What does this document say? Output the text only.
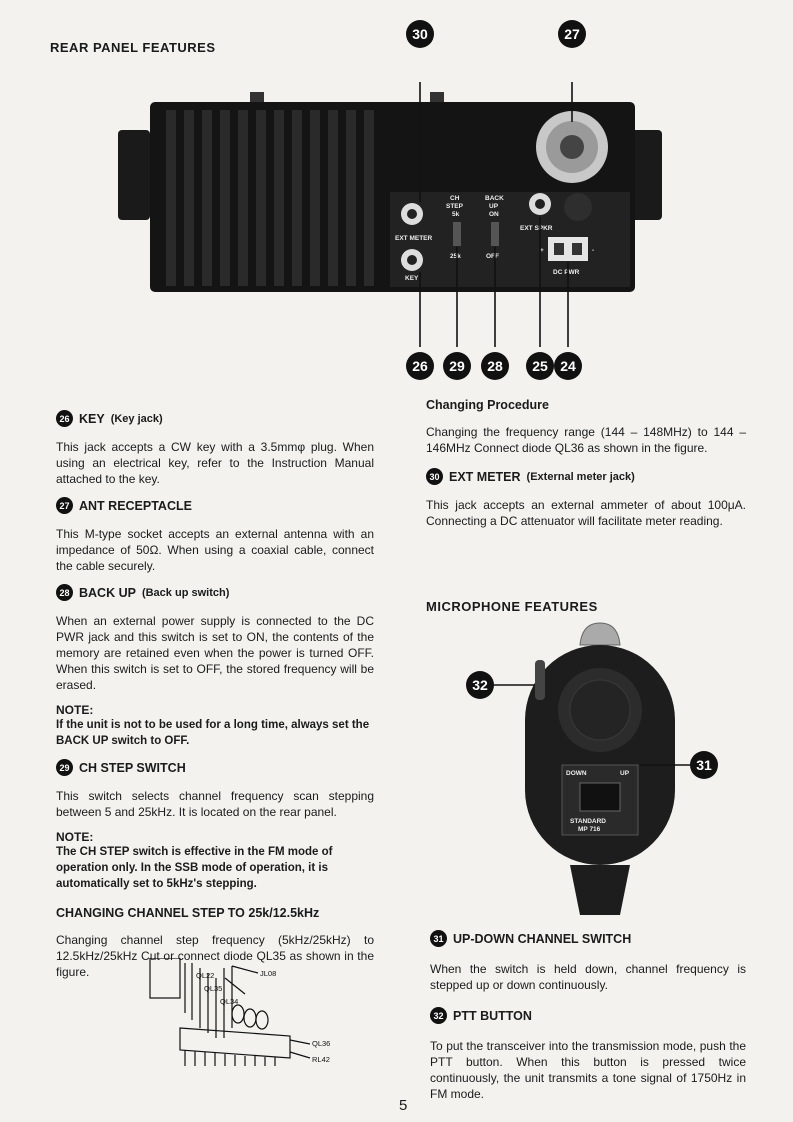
REAR PANEL FEATURES
EXT METER
KEY
CH
STEP
5k
25k
BACK
UP
ON
OFF
EXT SPKR
DC PWR
+	-
30	27
26	29	28	25 24
26 KEY (Key jack)
This jack accepts a CW key with a 3.5mmφ plug. When using an electrical key, refer to the Instruction Manual attached to the key.
27 ANT RECEPTACLE
This M-type socket accepts an external antenna with an impedance of 50Ω. When using a coaxial cable, connect the cable securely.
28 BACK UP (Back up switch)
When an external power supply is connected to the DC PWR jack and this switch is set to ON, the contents of the memory are retained even when the power is turned OFF. When this switch is set to OFF, the stored frequency will be erased.
NOTE:
If the unit is not to be used for a long time, always set the BACK UP switch to OFF.
29 CH STEP SWITCH
This switch selects channel frequency scan stepping between 5 and 25kHz. It is located on the rear panel.
NOTE:
The CH STEP switch is effective in the FM mode of operation only. In the SSB mode of operation, it is automatically set to 5kHz's stepping.
CHANGING CHANNEL STEP TO 25k/12.5kHz
Changing channel step frequency (5kHz/25kHz) to 12.5kHz/25kHz Cut or connect diode QL35 as shown in the figure.	QL22
QL35
QL34
JL08
QL36
RL42
Changing Procedure
Changing the frequency range (144 – 148MHz) to 144 – 146MHz Connect diode QL36 as shown in the figure.
30 EXT METER (External meter jack)
This jack accepts an external ammeter of about 100μA. Connecting a DC attenuator will facilitate meter reading.
MICROPHONE FEATURES
DOWN	UP
STANDARD
MP 716
32
31
31 UP-DOWN CHANNEL SWITCH
When the switch is held down, channel frequency is stepped up or down continuously.
32 PTT BUTTON
To put the transceiver into the transmission mode, push the PTT button. When this button is pressed twice continuously, the unit transmits a tone signal of 1750Hz in FM mode.
5
